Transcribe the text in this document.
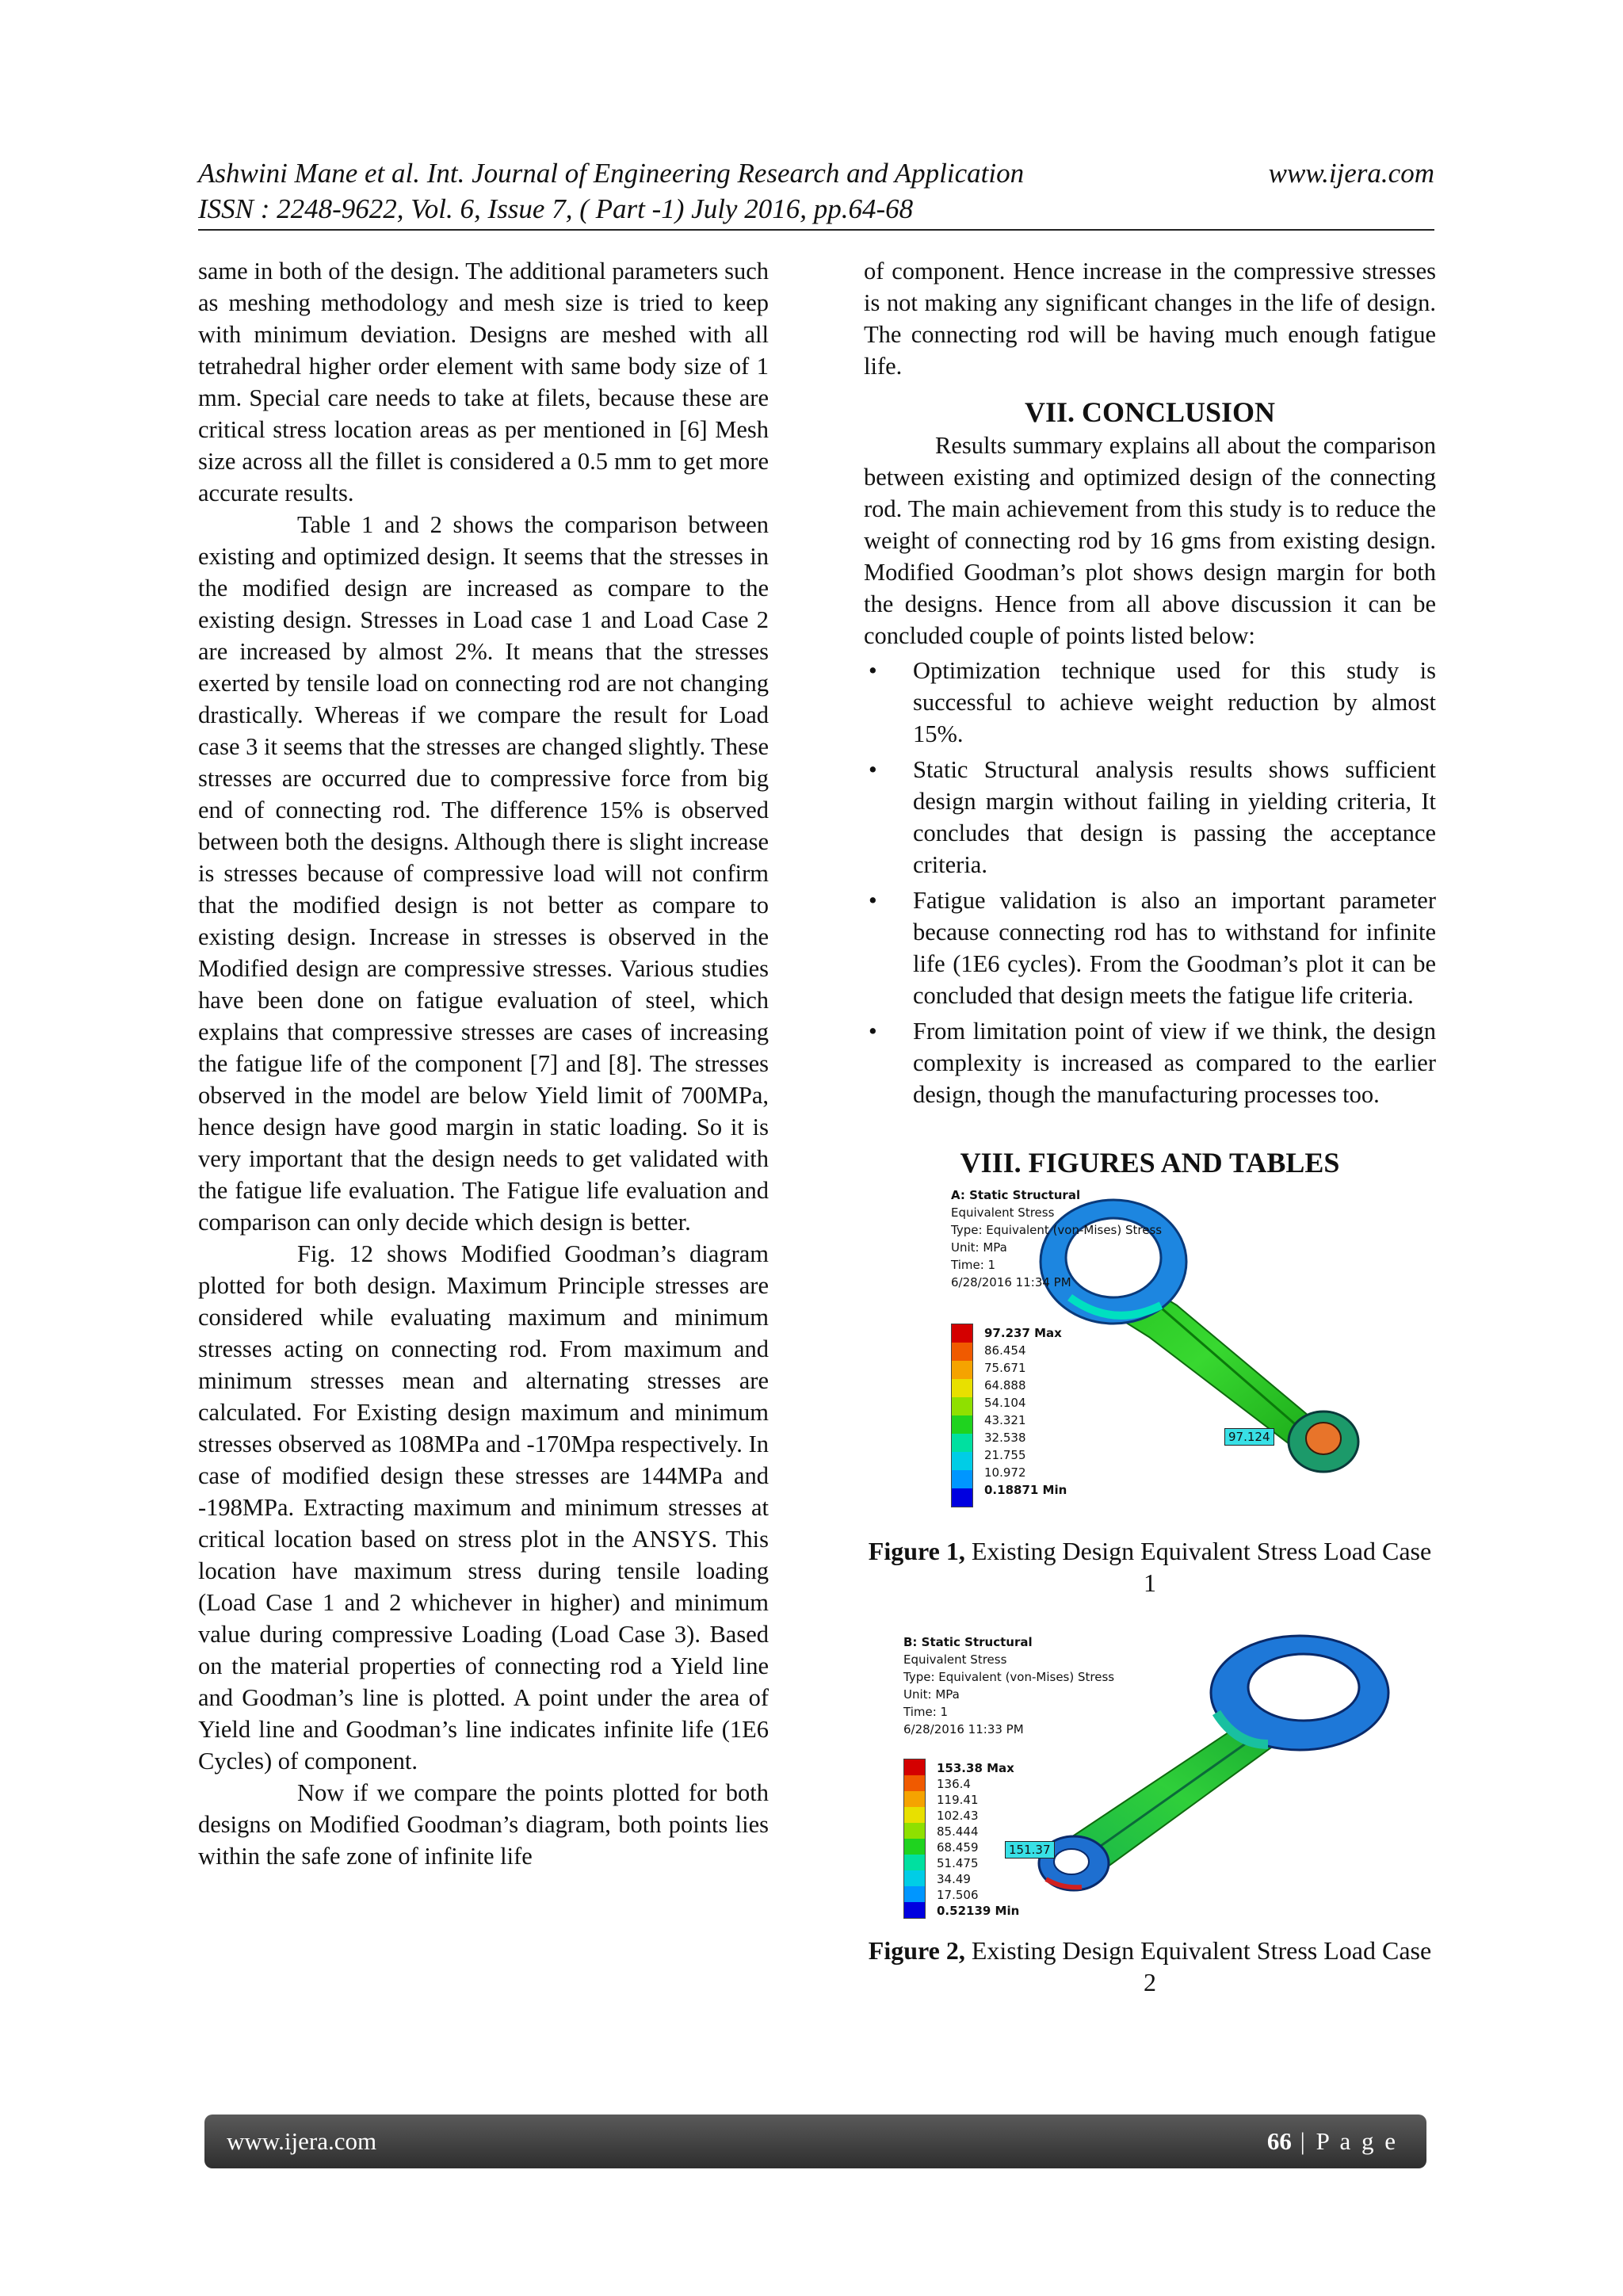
Ashwini Mane et al. Int. Journal of Engineering Research and Application	www.ijera.com
ISSN : 2248-9622, Vol. 6, Issue 7, ( Part -1) July 2016, pp.64-68

same in both of the design. The additional parameters such as meshing methodology and mesh size is tried to keep with minimum deviation. Designs are meshed with all tetrahedral higher order element with same body size of 1 mm. Special care needs to take at filets, because these are critical stress location areas as per mentioned in [6] Mesh size across all the fillet is considered a 0.5 mm to get more accurate results.

Table 1 and 2 shows the comparison between existing and optimized design. It seems that the stresses in the modified design are increased as compare to the existing design. Stresses in Load case 1 and Load Case 2 are increased by almost 2%. It means that the stresses exerted by tensile load on connecting rod are not changing drastically. Whereas if we compare the result for Load case 3 it seems that the stresses are changed slightly. These stresses are occurred due to compressive force from big end of connecting rod. The difference 15% is observed between both the designs. Although there is slight increase is stresses because of compressive load will not confirm that the modified design is not better as compare to existing design. Increase in stresses is observed in the Modified design are compressive stresses. Various studies have been done on fatigue evaluation of steel, which explains that compressive stresses are cases of increasing the fatigue life of the component [7] and [8]. The stresses observed in the model are below Yield limit of 700MPa, hence design have good margin in static loading. So it is very important that the design needs to get validated with the fatigue life evaluation. The Fatigue life evaluation and comparison can only decide which design is better.

Fig. 12 shows Modified Goodman’s diagram plotted for both design. Maximum Principle stresses are considered while evaluating maximum and minimum stresses acting on connecting rod. From maximum and minimum stresses mean and alternating stresses are calculated. For Existing design maximum and minimum stresses observed as 108MPa and -170Mpa respectively. In case of modified design these stresses are 144MPa and -198MPa. Extracting maximum and minimum stresses at critical location based on stress plot in the ANSYS. This location have maximum stress during tensile loading (Load Case 1 and 2 whichever in higher) and minimum value during compressive Loading (Load Case 3). Based on the material properties of connecting rod a Yield line and Goodman’s line is plotted. A point under the area of Yield line and Goodman’s line indicates infinite life (1E6 Cycles) of component.

Now if we compare the points plotted for both designs on Modified Goodman’s diagram, both points lies within the safe zone of infinite life

of component. Hence increase in the compressive stresses is not making any significant changes in the life of design. The connecting rod will be having much enough fatigue life.

VII. CONCLUSION

Results summary explains all about the comparison between existing and optimized design of the connecting rod. The main achievement from this study is to reduce the weight of connecting rod by 16 gms from existing design. Modified Goodman’s plot shows design margin for both the designs. Hence from all above discussion it can be concluded couple of points listed below:

• Optimization technique used for this study is successful to achieve weight reduction by almost 15%.
• Static Structural analysis results shows sufficient design margin without failing in yielding criteria, It concludes that design is passing the acceptance criteria.
• Fatigue validation is also an important parameter because connecting rod has to withstand for infinite life (1E6 cycles). From the Goodman’s plot it can be concluded that design meets the fatigue life criteria.
• From limitation point of view if we think, the design complexity is increased as compared to the earlier design, though the manufacturing processes too.
VIII. FIGURES AND TABLES
A: Static Structural
Equivalent Stress
Type: Equivalent (von-Mises) Stress
Unit: MPa
Time: 1
6/28/2016 11:34 PM
97.237 Max
86.454
75.671
64.888
54.104
43.321
32.538
21.755
10.972
0.18871 Min
97.124
Figure 1, Existing Design Equivalent Stress Load Case 1
B: Static Structural
Equivalent Stress
Type: Equivalent (von-Mises) Stress
Unit: MPa
Time: 1
6/28/2016 11:33 PM
153.38 Max
136.4
119.41
102.43
85.444
68.459
51.475
34.49
17.506
0.52139 Min
151.37
Figure 2, Existing Design Equivalent Stress Load Case 2
www.ijera.com	66 | P a g e
